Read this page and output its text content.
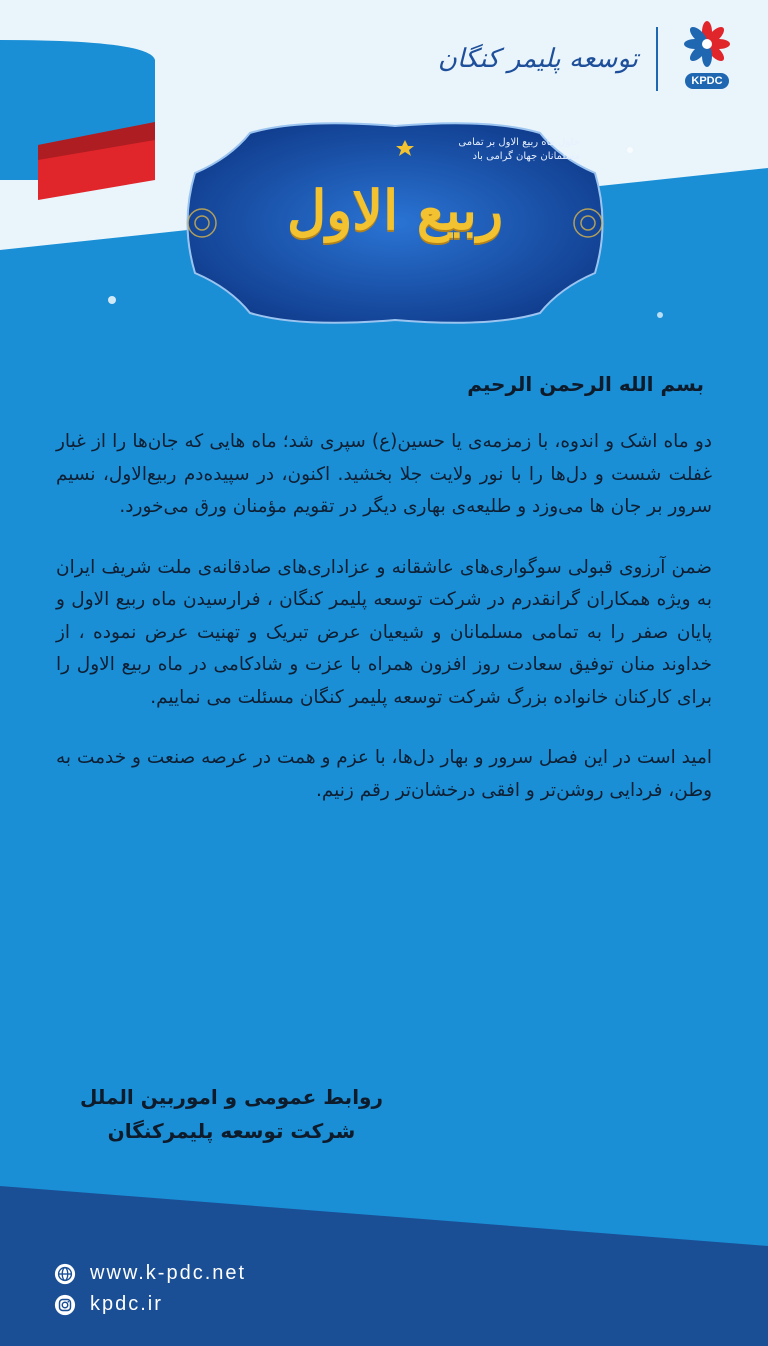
KPDC
توسعه پلیمر کنگان
حلول ماه ربیع الاول بر تمامی
مسلمانان جهان گرامی باد
ربیع الاول
بسم الله الرحمن الرحیم

دو ماه اشک و اندوه، با زمزمه‌ی یا حسین(ع) سپری شد؛ ماه هایی که جان‌ها را از غبار غفلت شست و دل‌ها را با نور ولایت جلا بخشید. اکنون، در سپیده‌دم ربیع‌الاول، نسیم سرور بر جان ها می‌وزد و طلیعه‌ی بهاری دیگر در تقویم مؤمنان ورق می‌خورد.

ضمن آرزوی قبولی سوگواری‌های عاشقانه و عزاداری‌های صادقانه‌ی ملت شریف ایران به ویژه همکاران گرانقدرم در شرکت توسعه پلیمر کنگان ، فرارسیدن ماه ربیع الاول و پایان صفر را به تمامی مسلمانان و شیعیان عرض تبریک و تهنیت عرض نموده ، از خداوند منان توفیق سعادت روز افزون همراه با عزت و شادکامی در ماه ربیع الاول را برای کارکنان خانواده بزرگ شرکت توسعه پلیمر کنگان مسئلت می نماییم.

امید است در این فصل سرور و بهار دل‌ها، با عزم و همت در عرصه صنعت و خدمت به وطن، فردایی روشن‌تر و افقی درخشان‌تر رقم زنیم.

روابط عمومی و اموربین الملل
شرکت توسعه پلیمرکنگان
www.k-pdc.net
kpdc.ir
